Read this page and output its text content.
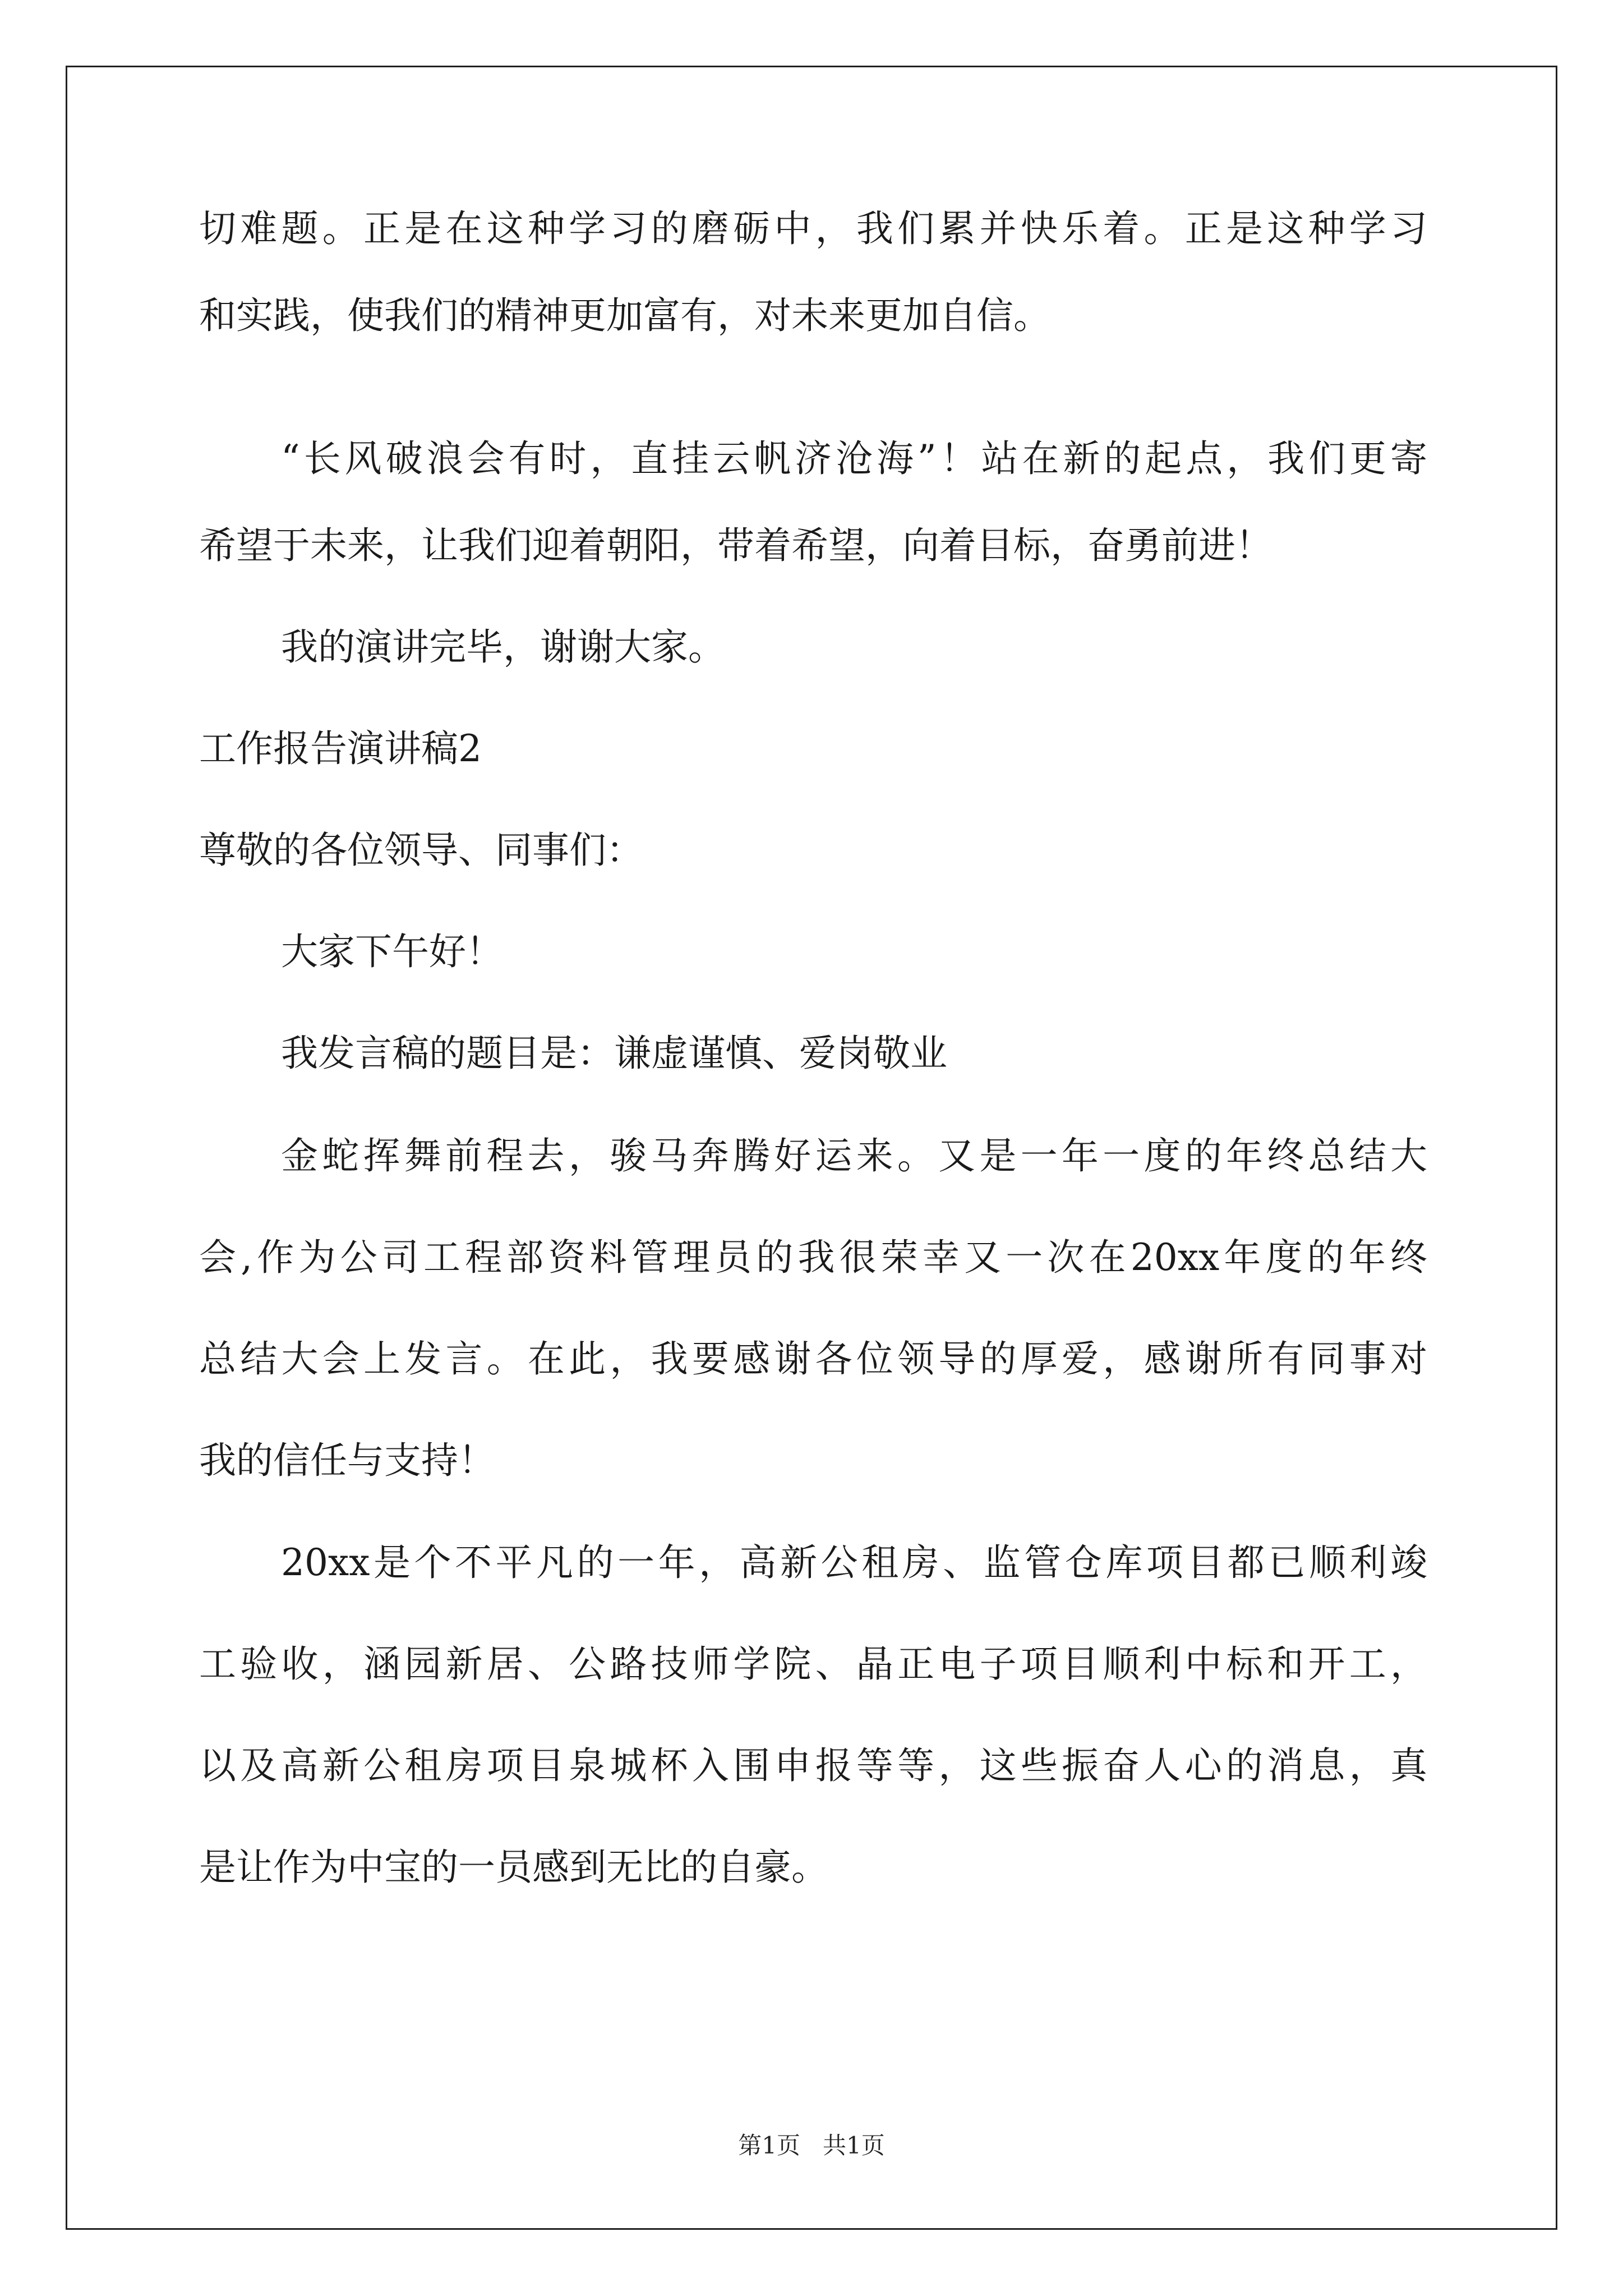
切难题。正是在这种学习的磨砺中，我们累并快乐着。正是这种学习
和实践，使我们的精神更加富有，对未来更加自信。
“长风破浪会有时，直挂云帆济沧海”！站在新的起点，我们更寄
希望于未来，让我们迎着朝阳，带着希望，向着目标，奋勇前进！
我的演讲完毕，谢谢大家。
工作报告演讲稿2
尊敬的各位领导、同事们：
大家下午好！
我发言稿的题目是：谦虚谨慎、爱岗敬业
金蛇挥舞前程去，骏马奔腾好运来。又是一年一度的年终总结大
会,作为公司工程部资料管理员的我很荣幸又一次在20xx年度的年终
总结大会上发言。在此，我要感谢各位领导的厚爱，感谢所有同事对
我的信任与支持！
20xx是个不平凡的一年，高新公租房、监管仓库项目都已顺利竣
工验收，涵园新居、公路技师学院、晶正电子项目顺利中标和开工，
以及高新公租房项目泉城杯入围申报等等，这些振奋人心的消息，真
是让作为中宝的一员感到无比的自豪。
第1页   共1页
